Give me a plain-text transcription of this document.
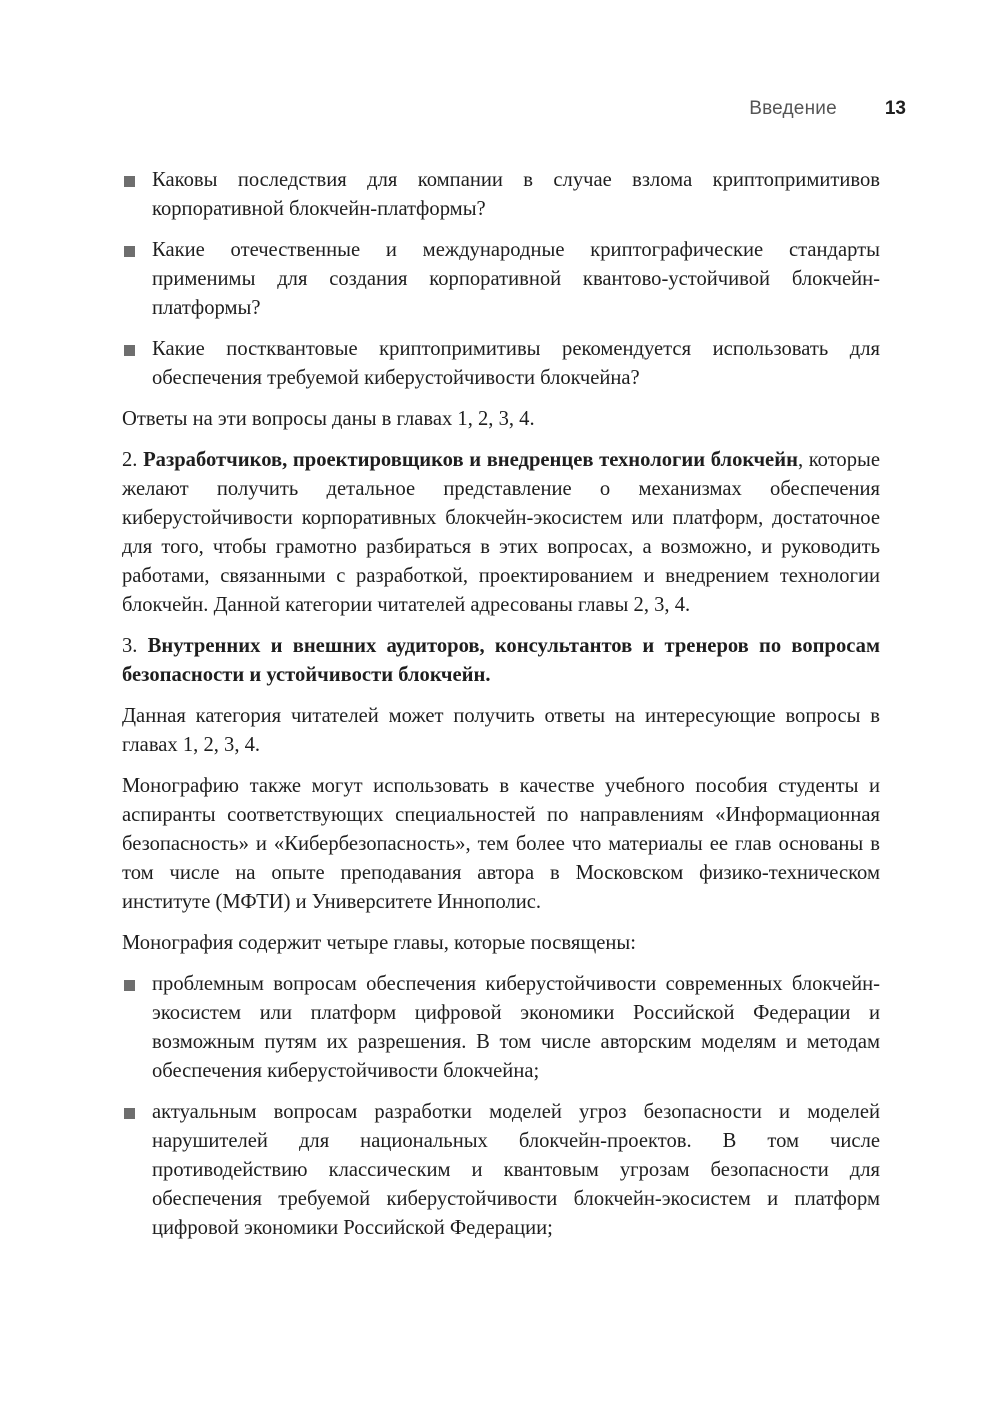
Введение	13
Каковы последствия для компании в случае взлома криптопримитивов корпоративной блокчейн-платформы?
Какие отечественные и международные криптографические стандарты применимы для создания корпоративной квантово-устойчивой блокчейн-платформы?
Какие постквантовые криптопримитивы рекомендуется использовать для обеспечения требуемой киберустойчивости блокчейна?

Ответы на эти вопросы даны в главах 1, 2, 3, 4.

2. Разработчиков, проектировщиков и внедренцев технологии блокчейн, которые желают получить детальное представление о механизмах обеспечения киберустойчивости корпоративных блокчейн-экосистем или платформ, достаточное для того, чтобы грамотно разбираться в этих вопросах, а возможно, и руководить работами, связанными с разработкой, проектированием и внедрением технологии блокчейн. Данной категории читателей адресованы главы 2, 3, 4.

3. Внутренних и внешних аудиторов, консультантов и тренеров по вопросам безопасности и устойчивости блокчейн.

Данная категория читателей может получить ответы на интересующие вопросы в главах 1, 2, 3, 4.

Монографию также могут использовать в качестве учебного пособия студенты и аспиранты соответствующих специальностей по направлениям «Информационная безопасность» и «Кибербезопасность», тем более что материалы ее глав основаны в том числе на опыте преподавания автора в Московском физико-техническом институте (МФТИ) и Университете Иннополис.

Монография содержит четыре главы, которые посвящены:

проблемным вопросам обеспечения киберустойчивости современных блокчейн-экосистем или платформ цифровой экономики Российской Федерации и возможным путям их разрешения. В том числе авторским моделям и методам обеспечения киберустойчивости блокчейна;
актуальным вопросам разработки моделей угроз безопасности и моделей нарушителей для национальных блокчейн-проектов. В том числе противодействию классическим и квантовым угрозам безопасности для обеспечения требуемой киберустойчивости блокчейн-экосистем и платформ цифровой экономики Российской Федерации;
